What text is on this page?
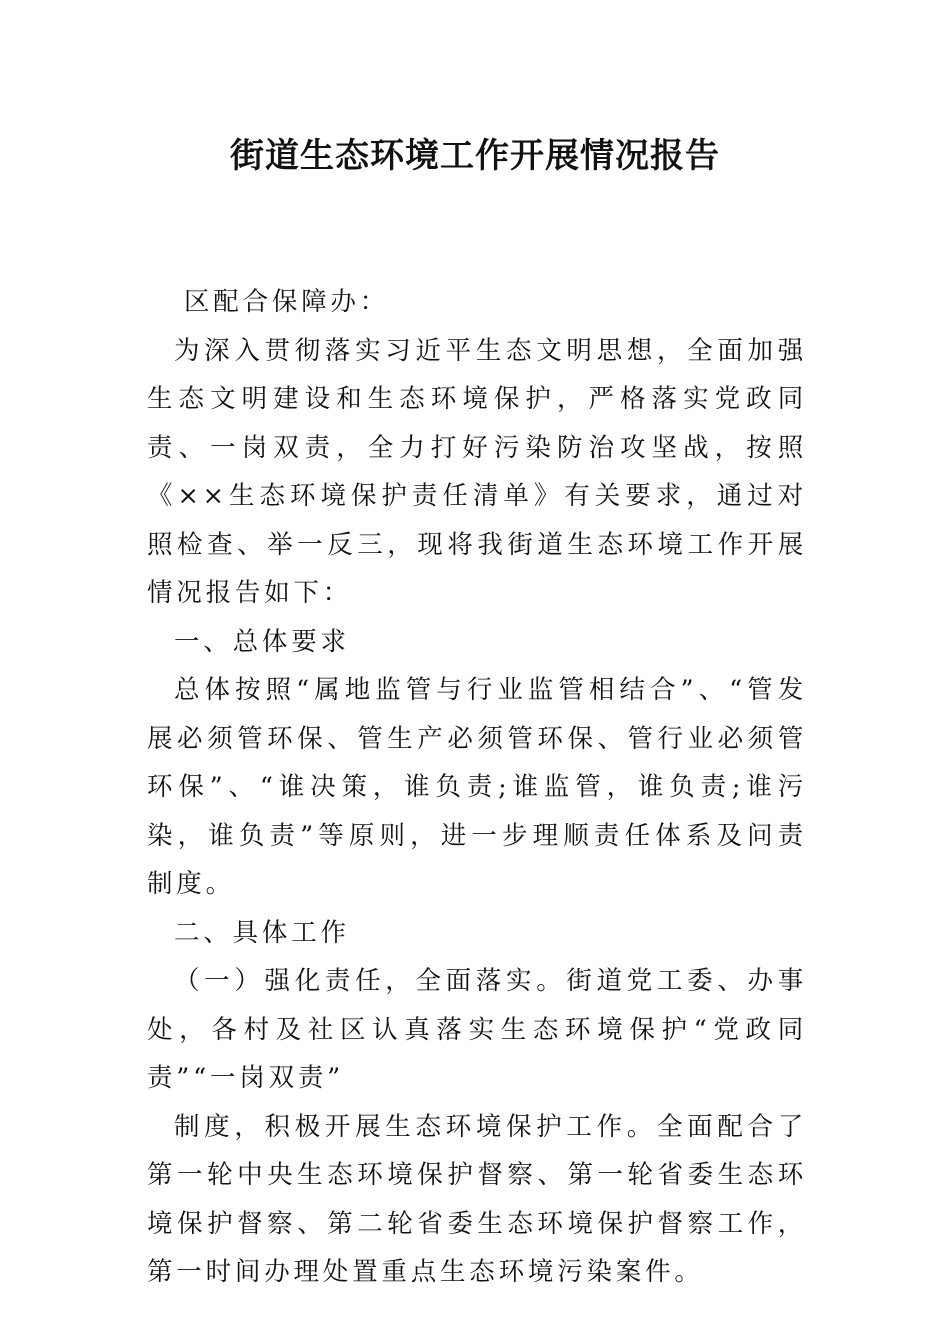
街道生态环境工作开展情况报告

区配合保障办：

为深入贯彻落实习近平生态文明思想，全面加强生态文明建设和生态环境保护，严格落实党政同责、一岗双责，全力打好污染防治攻坚战，按照《××生态环境保护责任清单》有关要求，通过对照检查、举一反三，现将我街道生态环境工作开展情况报告如下：

一、总体要求

总体按照“属地监管与行业监管相结合”、“管发展必须管环保、管生产必须管环保、管行业必须管环保”、“谁决策，谁负责;谁监管，谁负责;谁污染，谁负责”等原则，进一步理顺责任体系及问责制度。

二、具体工作

（一）强化责任，全面落实。街道党工委、办事处，各村及社区认真落实生态环境保护“党政同责”“一岗双责”

制度，积极开展生态环境保护工作。全面配合了第一轮中央生态环境保护督察、第一轮省委生态环境保护督察、第二轮省委生态环境保护督察工作，第一时间办理处置重点生态环境污染案件。
